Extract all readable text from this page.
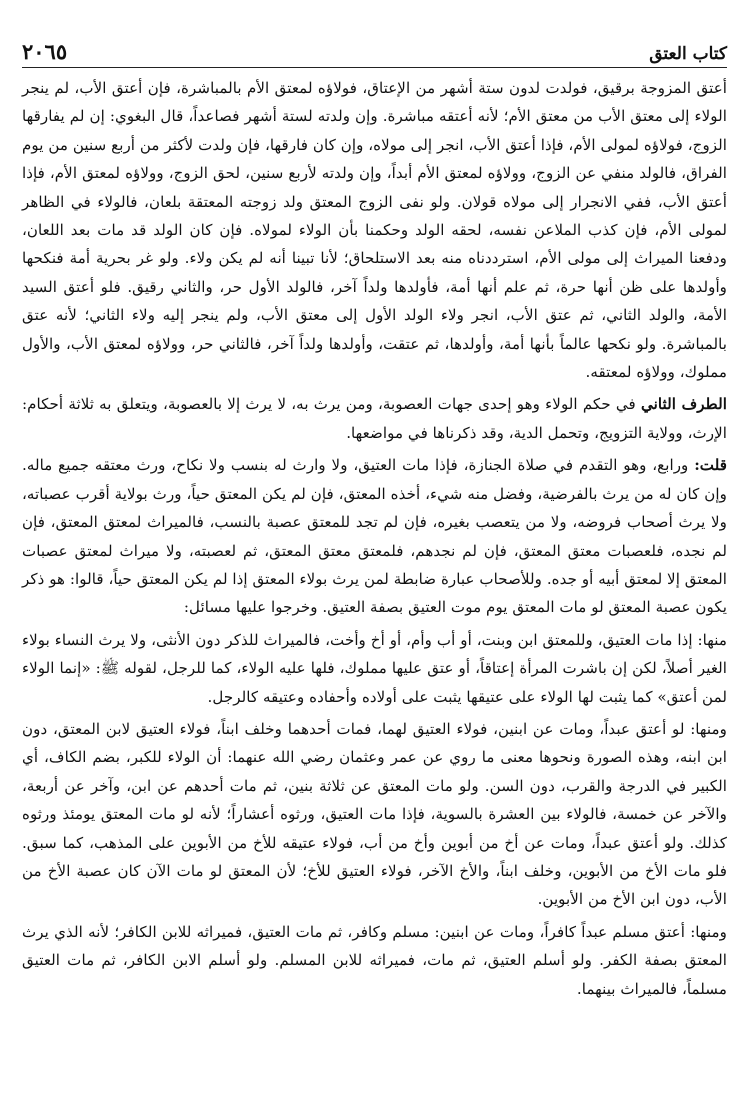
كتاب العتق
٢٠٦٥

أعتق المزوجة برقيق، فولدت لدون ستة أشهر من الإعتاق، فولاؤه لمعتق الأم بالمباشرة، فإن أعتق الأب، لم ينجر الولاء إلى معتق الأب من معتق الأم؛ لأنه أعتقه مباشرة. وإن ولدته لستة أشهر فصاعداً، قال البغوي: إن لم يفارقها الزوج، فولاؤه لمولى الأم، فإذا أعتق الأب، انجر إلى مولاه، وإن كان فارقها، فإن ولدت لأكثر من أربع سنين من يوم الفراق، فالولد منفي عن الزوج، وولاؤه لمعتق الأم أبداً، وإن ولدته لأربع سنين، لحق الزوج، وولاؤه لمعتق الأم، فإذا أعتق الأب، ففي الانجرار إلى مولاه قولان. ولو نفى الزوج المعتق ولد زوجته المعتقة بلعان، فالولاء في الظاهر لمولى الأم، فإن كذب الملاعن نفسه، لحقه الولد وحكمنا بأن الولاء لمولاه. فإن كان الولد قد مات بعد اللعان، ودفعنا الميراث إلى مولى الأم، استرددناه منه بعد الاستلحاق؛ لأنا تبينا أنه لم يكن ولاء. ولو غر بحرية أمة فنكحها وأولدها على ظن أنها حرة، ثم علم أنها أمة، فأولدها ولداً آخر، فالولد الأول حر، والثاني رقيق. فلو أعتق السيد الأمة، والولد الثاني، ثم عتق الأب، انجر ولاء الولد الأول إلى معتق الأب، ولم ينجر إليه ولاء الثاني؛ لأنه عتق بالمباشرة. ولو نكحها عالماً بأنها أمة، وأولدها، ثم عتقت، وأولدها ولداً آخر، فالثاني حر، وولاؤه لمعتق الأب، والأول مملوك، وولاؤه لمعتقه.

الطرف الثاني في حكم الولاء وهو إحدى جهات العصوبة، ومن يرث به، لا يرث إلا بالعصوبة، ويتعلق به ثلاثة أحكام: الإرث، وولاية التزويج، وتحمل الدية، وقد ذكرناها في مواضعها.

قلت: ورابع، وهو التقدم في صلاة الجنازة، فإذا مات العتيق، ولا وارث له بنسب ولا نكاح، ورث معتقه جميع ماله. وإن كان له من يرث بالفرضية، وفضل منه شيء، أخذه المعتق، فإن لم يكن المعتق حياً، ورث بولاية أقرب عصباته، ولا يرث أصحاب فروضه، ولا من يتعصب بغيره، فإن لم تجد للمعتق عصبة بالنسب، فالميراث لمعتق المعتق، فإن لم نجده، فلعصبات معتق المعتق، فإن لم نجدهم، فلمعتق معتق المعتق، ثم لعصبته، ولا ميراث لمعتق عصبات المعتق إلا لمعتق أبيه أو جده. وللأصحاب عبارة ضابطة لمن يرث بولاء المعتق إذا لم يكن المعتق حياً، قالوا: هو ذكر يكون عصبة المعتق لو مات المعتق يوم موت العتيق بصفة العتيق. وخرجوا عليها مسائل:

منها: إذا مات العتيق، وللمعتق ابن وبنت، أو أب وأم، أو أخ وأخت، فالميراث للذكر دون الأنثى، ولا يرث النساء بولاء الغير أصلاً، لكن إن باشرت المرأة إعتاقاً، أو عتق عليها مملوك، فلها عليه الولاء، كما للرجل، لقوله ﷺ: «إنما الولاء لمن أعتق» كما يثبت لها الولاء على عتيقها يثبت على أولاده وأحفاده وعتيقه كالرجل.

ومنها: لو أعتق عبداً، ومات عن ابنين، فولاء العتيق لهما، فمات أحدهما وخلف ابناً، فولاء العتيق لابن المعتق، دون ابن ابنه، وهذه الصورة ونحوها معنى ما روي عن عمر وعثمان رضي الله عنهما: أن الولاء للكبر، بضم الكاف، أي الكبير في الدرجة والقرب، دون السن. ولو مات المعتق عن ثلاثة بنين، ثم مات أحدهم عن ابن، وآخر عن أربعة، والآخر عن خمسة، فالولاء بين العشرة بالسوية، فإذا مات العتيق، ورثوه أعشاراً؛ لأنه لو مات المعتق يومئذ ورثوه كذلك. ولو أعتق عبداً، ومات عن أخ من أبوين وأخ من أب، فولاء عتيقه للأخ من الأبوين على المذهب، كما سبق. فلو مات الأخ من الأبوين، وخلف ابناً، والأخ الآخر، فولاء العتيق للأخ؛ لأن المعتق لو مات الآن كان عصبة الأخ من الأب، دون ابن الأخ من الأبوين.

ومنها: أعتق مسلم عبداً كافراً، ومات عن ابنين: مسلم وكافر، ثم مات العتيق، فميراثه للابن الكافر؛ لأنه الذي يرث المعتق بصفة الكفر. ولو أسلم العتيق، ثم مات، فميراثه للابن المسلم. ولو أسلم الابن الكافر، ثم مات العتيق مسلماً، فالميراث بينهما.
